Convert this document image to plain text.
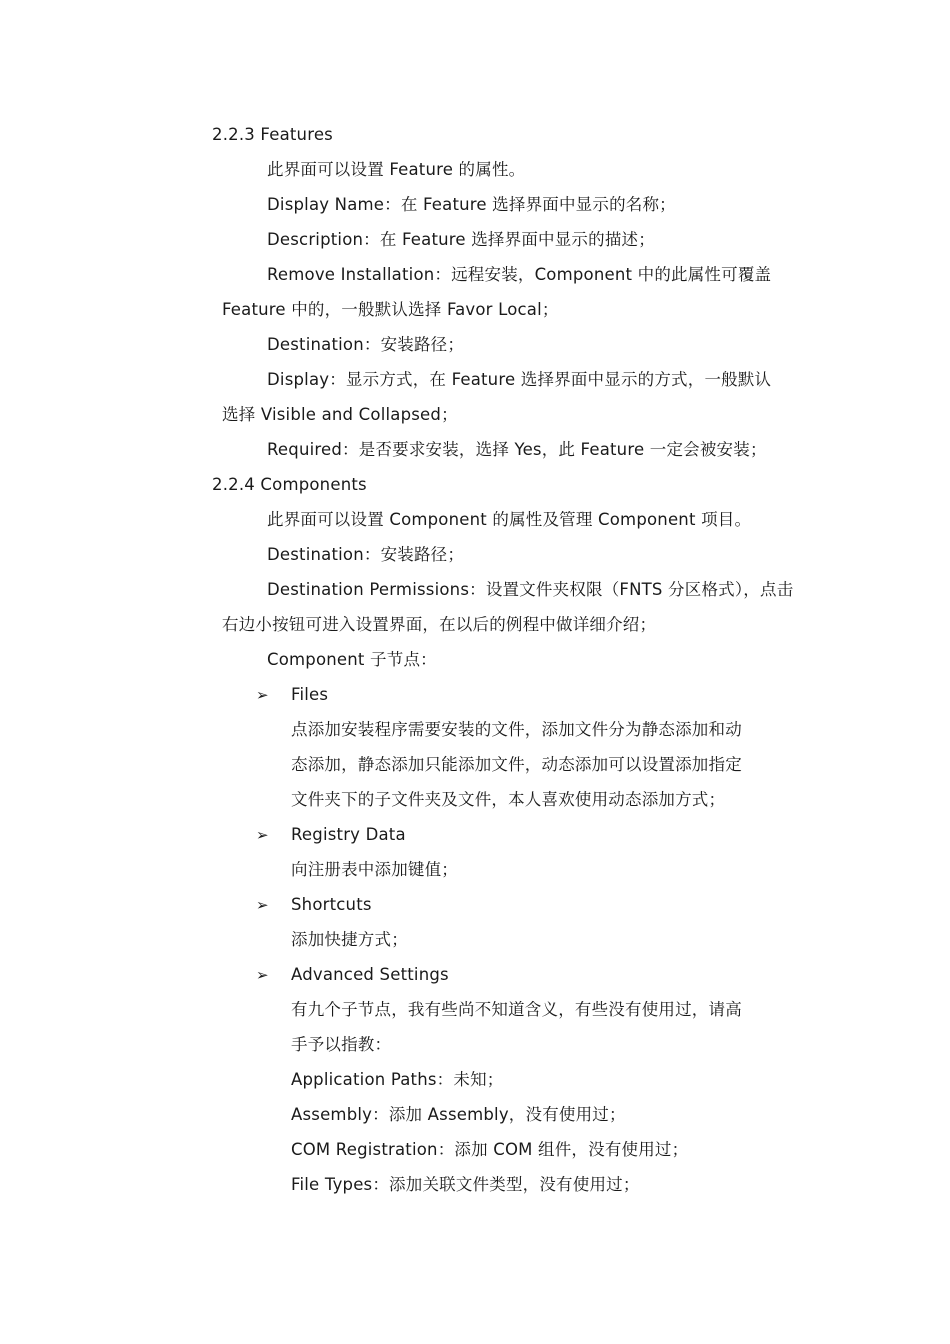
2.2.3 Features
此界面可以设置 Feature 的属性。
Display Name：在 Feature 选择界面中显示的名称；
Description：在 Feature 选择界面中显示的描述；
Remove Installation：远程安装，Component 中的此属性可覆盖
Feature 中的，一般默认选择 Favor Local；
Destination：安装路径；
Display：显示方式，在 Feature 选择界面中显示的方式，一般默认
选择 Visible and Collapsed；
Required：是否要求安装，选择 Yes，此 Feature 一定会被安装；
2.2.4 Components
此界面可以设置 Component 的属性及管理 Component 项目。
Destination：安装路径；
Destination Permissions：设置文件夹权限（FNTS 分区格式），点击
右边小按钮可进入设置界面，在以后的例程中做详细介绍；
Component 子节点：
➢ Files
点添加安装程序需要安装的文件，添加文件分为静态添加和动
态添加，静态添加只能添加文件，动态添加可以设置添加指定
文件夹下的子文件夹及文件，本人喜欢使用动态添加方式；
➢ Registry Data
向注册表中添加键值；
➢ Shortcuts
添加快捷方式；
➢ Advanced Settings
有九个子节点，我有些尚不知道含义，有些没有使用过，请高
手予以指教：
Application Paths：未知；
Assembly：添加 Assembly，没有使用过；
COM Registration：添加 COM 组件，没有使用过；
File Types：添加关联文件类型，没有使用过；
